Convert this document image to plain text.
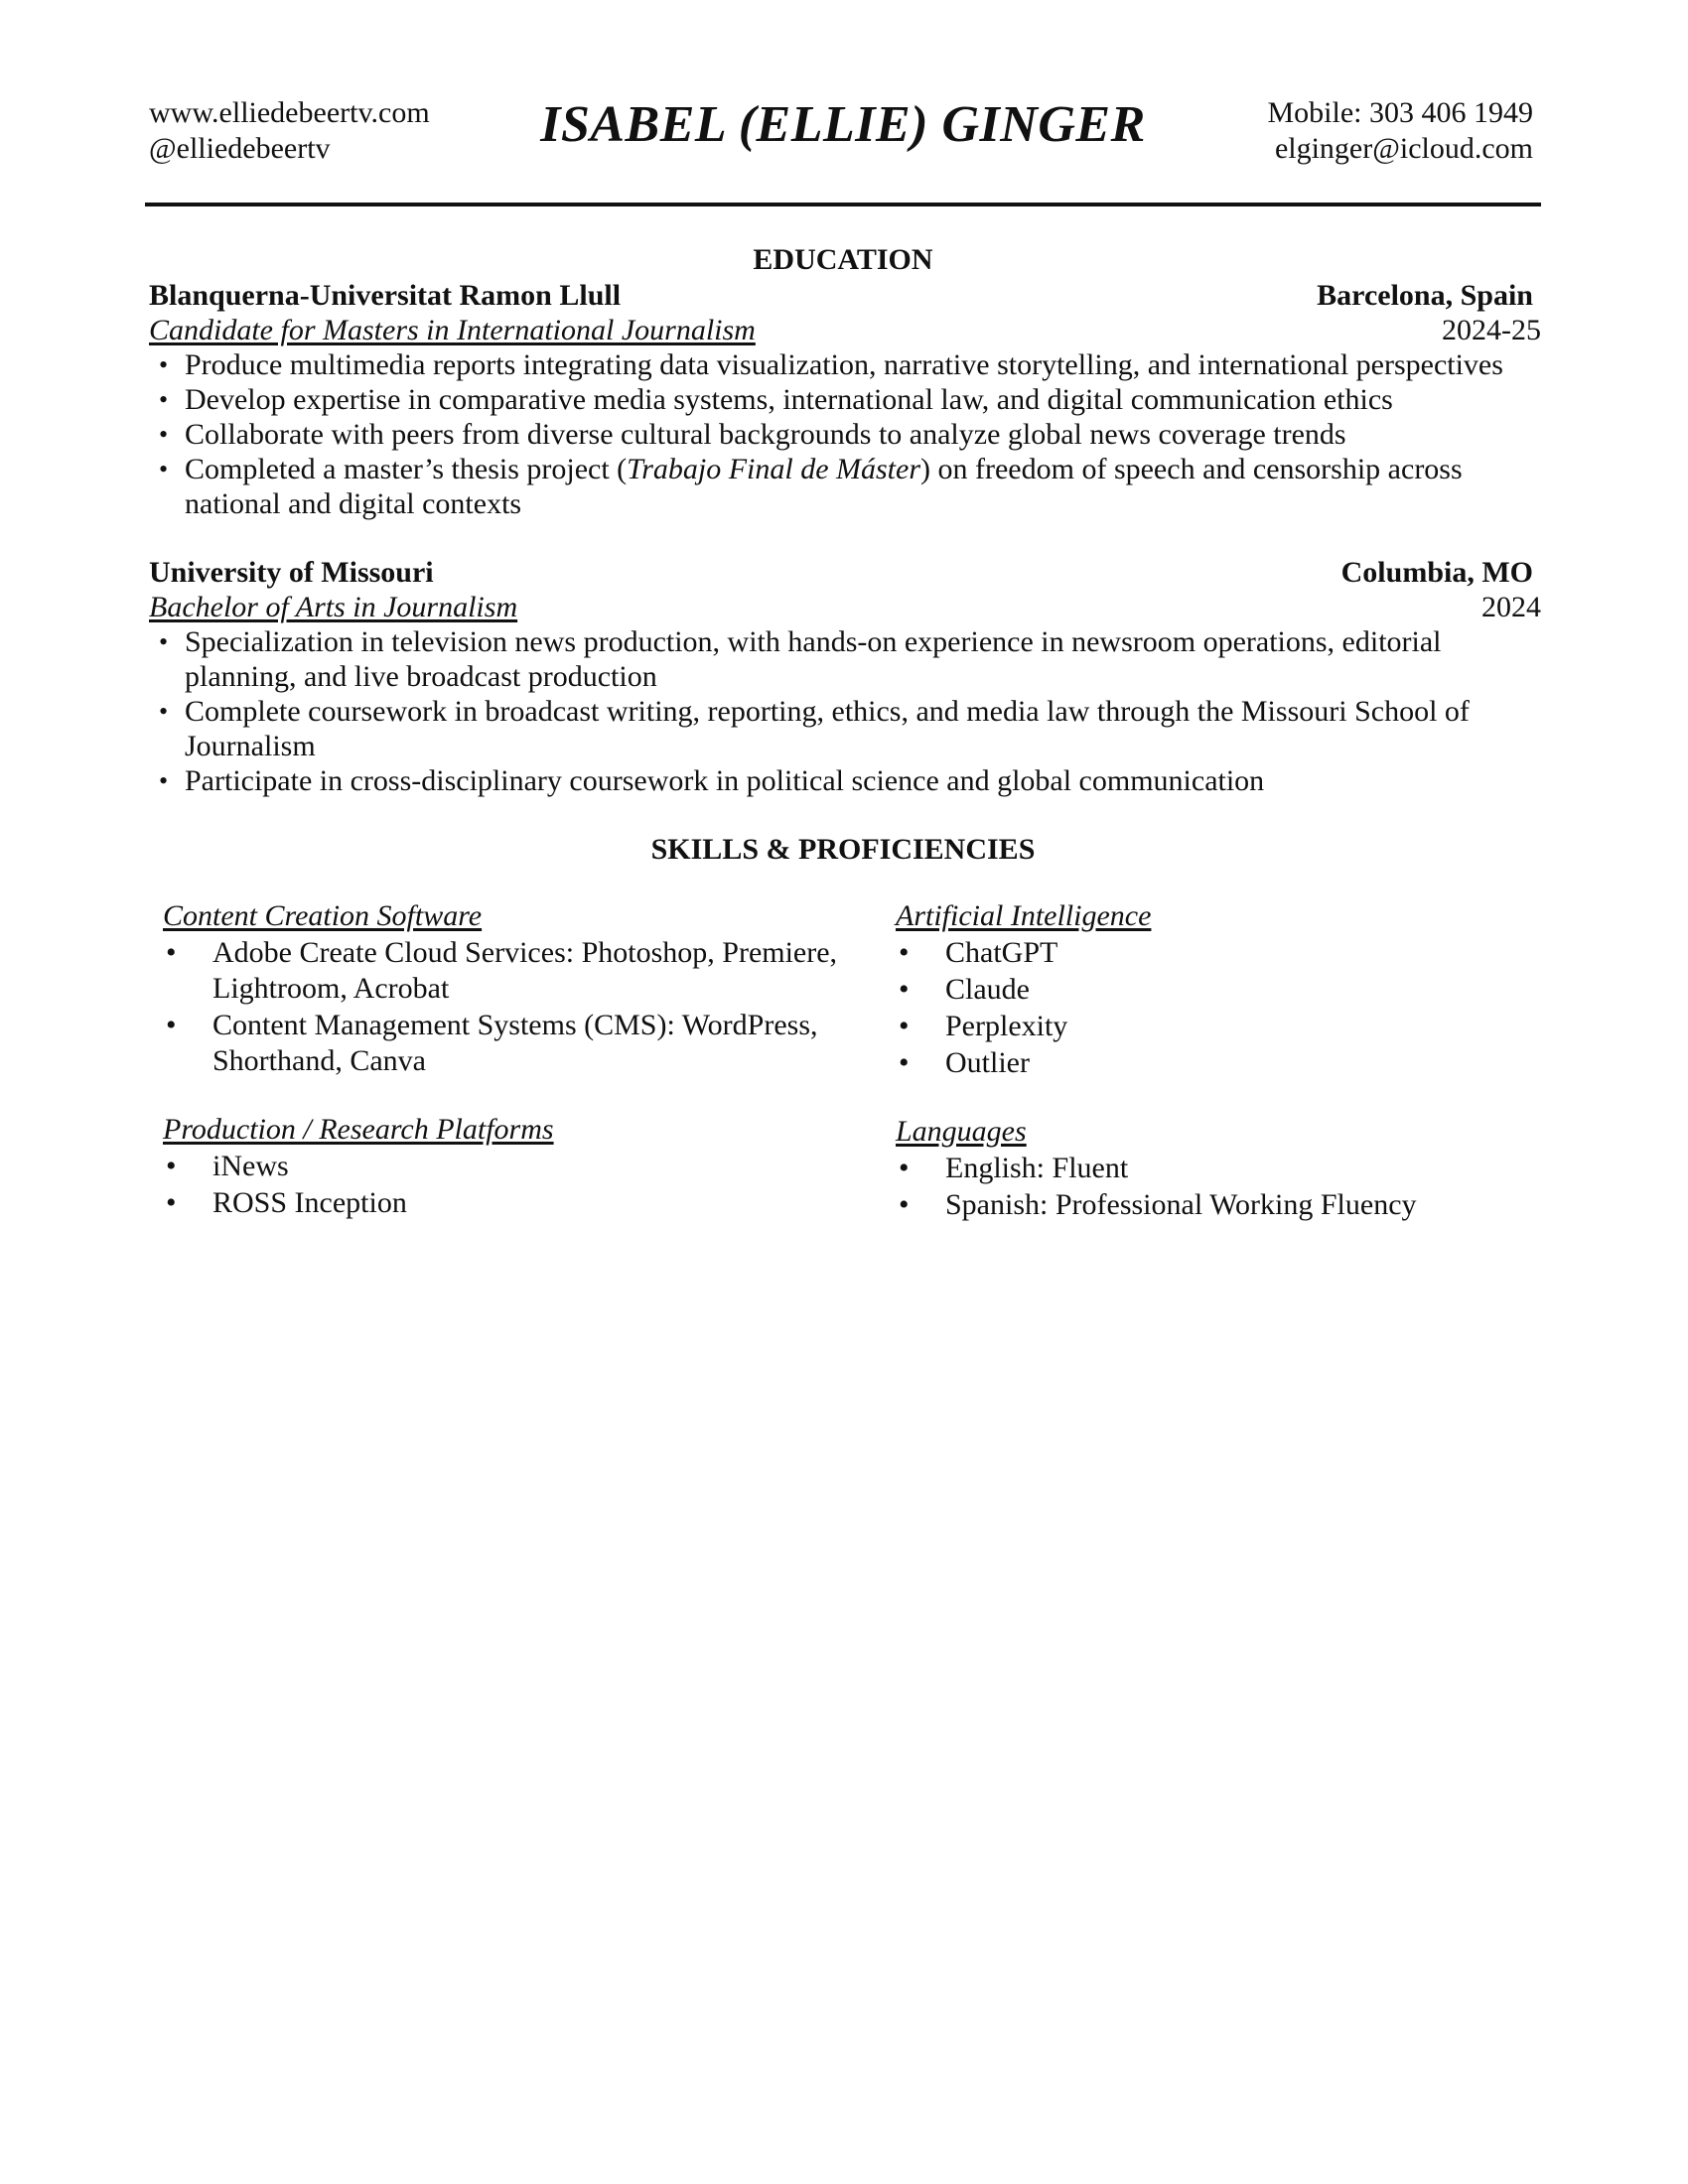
www.elliedebeertv.com
@elliedebeertv	ISABEL (ELLIE) GINGER	Mobile: 303 406 1949
elginger@icloud.com
EDUCATION
Blanquerna-Universitat Ramon Llull	Barcelona, Spain
Candidate for Masters in International Journalism	2024-25
• Produce multimedia reports integrating data visualization, narrative storytelling, and international perspectives
• Develop expertise in comparative media systems, international law, and digital communication ethics
• Collaborate with peers from diverse cultural backgrounds to analyze global news coverage trends
• Completed a master’s thesis project (Trabajo Final de Máster) on freedom of speech and censorship across national and digital contexts
University of Missouri	Columbia, MO
Bachelor of Arts in Journalism	2024
• Specialization in television news production, with hands-on experience in newsroom operations, editorial planning, and live broadcast production
• Complete coursework in broadcast writing, reporting, ethics, and media law through the Missouri School of Journalism
• Participate in cross-disciplinary coursework in political science and global communication
SKILLS & PROFICIENCIES
Content Creation Software
• Adobe Create Cloud Services: Photoshop, Premiere, Lightroom, Acrobat
• Content Management Systems (CMS): WordPress, Shorthand, Canva
Production / Research Platforms
• iNews
• ROSS Inception
Artificial Intelligence
• ChatGPT
• Claude
• Perplexity
• Outlier
Languages
• English: Fluent
• Spanish: Professional Working Fluency
